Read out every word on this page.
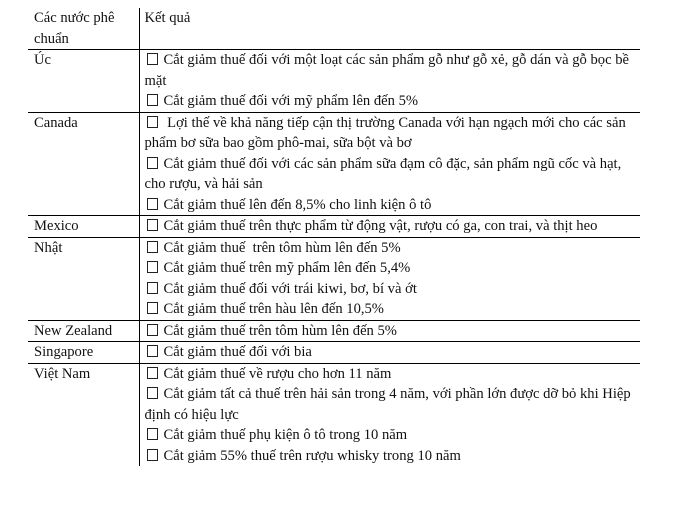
Các nước phê chuẩn	Kết quả
Úc	Cắt giảm thuế đối với một loạt các sản phẩm gỗ như gỗ xẻ, gỗ dán và gỗ bọc bề mặt
Cắt giảm thuế đối với mỹ phẩm lên đến 5%

Canada	Lợi thế về khả năng tiếp cận thị trường Canada với hạn ngạch mới cho các sản phẩm bơ sữa bao gồm phô-mai, sữa bột và bơ
Cắt giảm thuế đối với các sản phẩm sữa đạm cô đặc, sản phẩm ngũ cốc và hạt, cho rượu, và hải sản
Cắt giảm thuế lên đến 8,5% cho linh kiện ô tô

Mexico	Cắt giảm thuế trên thực phẩm từ động vật, rượu có ga, con trai, và thịt heo

Nhật	Cắt giảm thuế  trên tôm hùm lên đến 5%
Cắt giảm thuế trên mỹ phẩm lên đến 5,4%
Cắt giảm thuế đối với trái kiwi, bơ, bí và ớt
Cắt giảm thuế trên hàu lên đến 10,5%

New Zealand	Cắt giảm thuế trên tôm hùm lên đến 5%

Singapore	Cắt giảm thuế đối với bia

Việt Nam	Cắt giảm thuế về rượu cho hơn 11 năm
Cắt giảm tất cả thuế trên hải sản trong 4 năm, với phần lớn được dỡ bỏ khi Hiệp định có hiệu lực
Cắt giảm thuế phụ kiện ô tô trong 10 năm
Cắt giảm 55% thuế trên rượu whisky trong 10 năm
